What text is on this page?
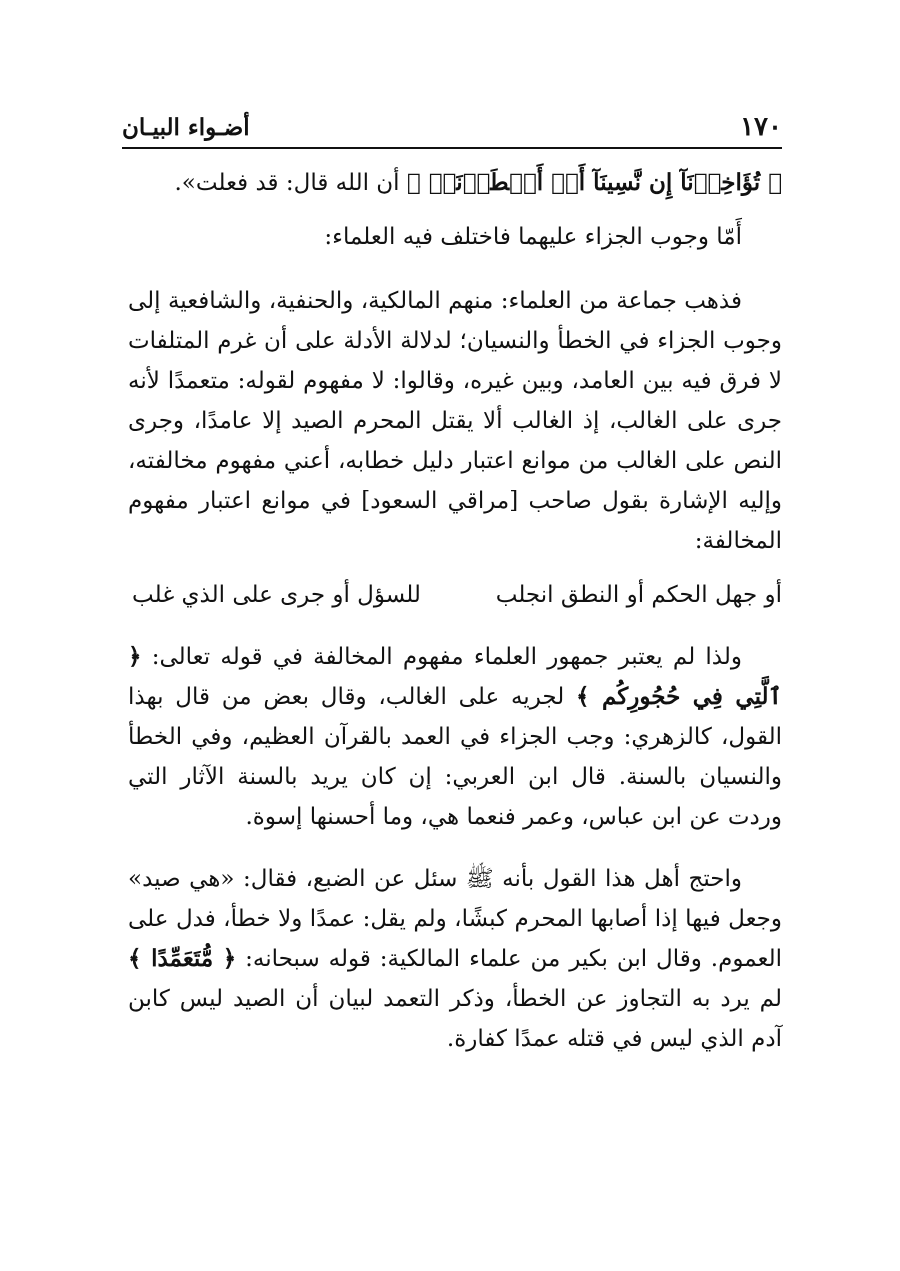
١٧٠
أضـواء البيـان

﴿ تُؤَاخِذۡنَآ إِن نَّسِينَآ أَوۡ أَخۡطَأۡنَاۚ ﴾ أن الله قال: قد فعلت».

أَمّا وجوب الجزاء عليهما فاختلف فيه العلماء:

فذهب جماعة من العلماء: منهم المالكية، والحنفية، والشافعية إلى وجوب الجزاء في الخطأ والنسيان؛ لدلالة الأدلة على أن غرم المتلفات لا فرق فيه بين العامد، وبين غيره، وقالوا: لا مفهوم لقوله: متعمدًا لأنه جرى على الغالب، إذ الغالب ألا يقتل المحرم الصيد إلا عامدًا، وجرى النص على الغالب من موانع اعتبار دليل خطابه، أعني مفهوم مخالفته، وإليه الإشارة بقول صاحب [مراقي السعود] في موانع اعتبار مفهوم المخالفة:

أو جهل الحكم أو النطق انجلب
للسؤل أو جرى على الذي غلب

ولذا لم يعتبر جمهور العلماء مفهوم المخالفة في قوله تعالى: ﴿ ٱلَّتِي فِي حُجُورِكُم ﴾ لجريه على الغالب، وقال بعض من قال بهذا القول، كالزهري: وجب الجزاء في العمد بالقرآن العظيم، وفي الخطأ والنسيان بالسنة. قال ابن العربي: إن كان يريد بالسنة الآثار التي وردت عن ابن عباس، وعمر فنعما هي، وما أحسنها إسوة.

واحتج أهل هذا القول بأنه ﷺ سئل عن الضبع، فقال: «هي صيد» وجعل فيها إذا أصابها المحرم كبشًا، ولم يقل: عمدًا ولا خطأ، فدل على العموم. وقال ابن بكير من علماء المالكية: قوله سبحانه: ﴿ مُّتَعَمِّدًا ﴾ لم يرد به التجاوز عن الخطأ، وذكر التعمد لبيان أن الصيد ليس كابن آدم الذي ليس في قتله عمدًا كفارة.
